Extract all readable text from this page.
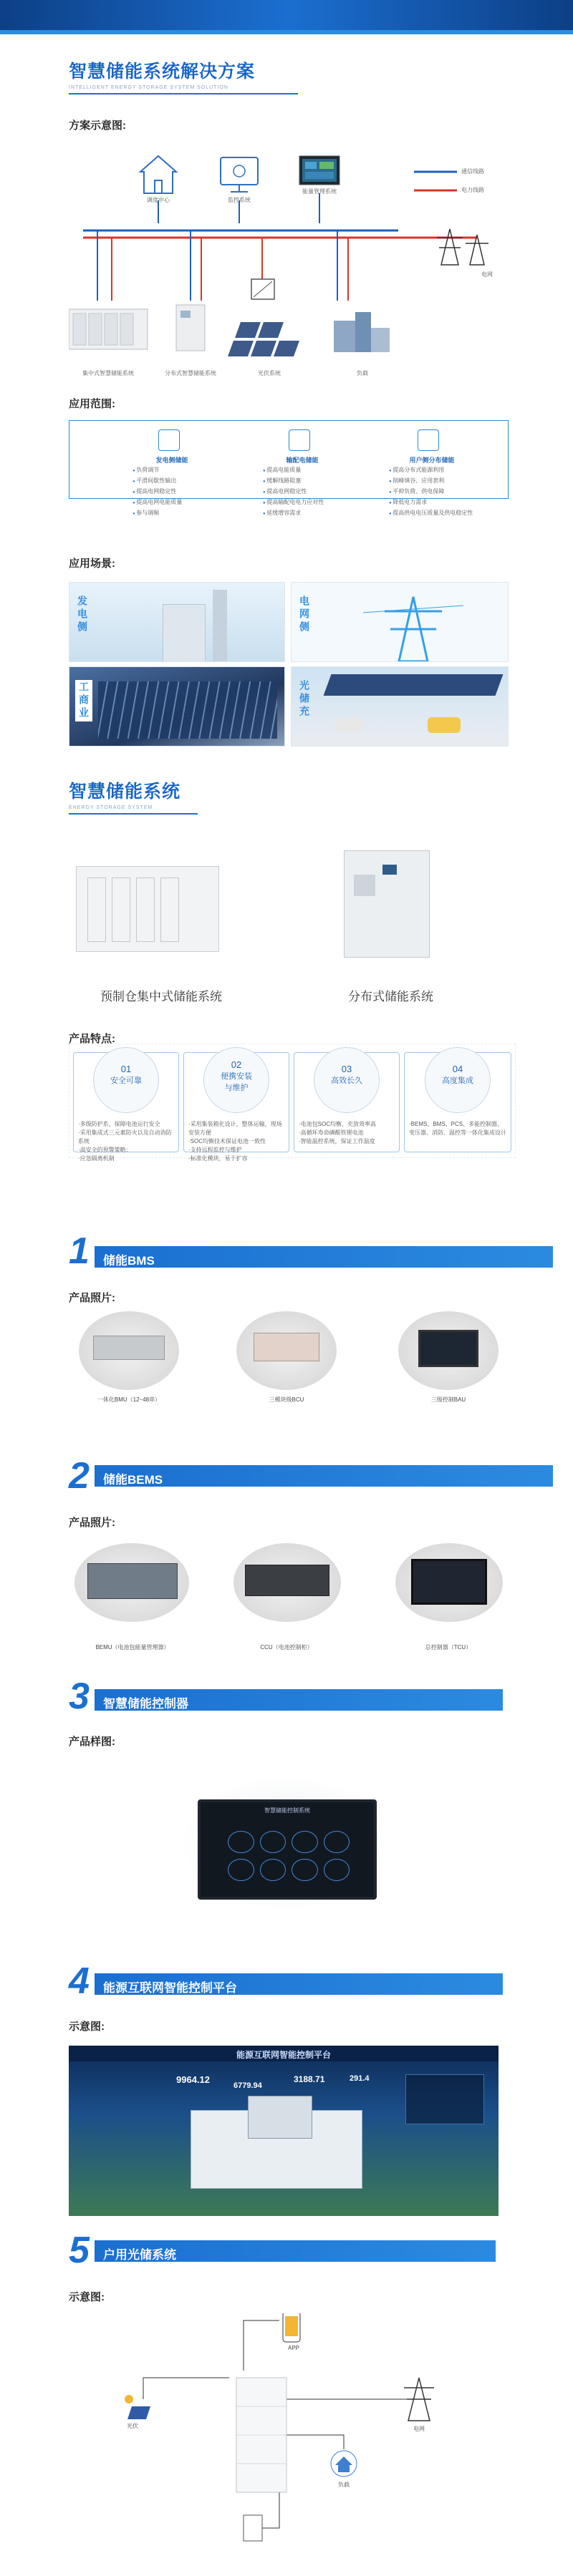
智慧储能系统解决方案
INTELLIGENT ENERGY STORAGE SYSTEM SOLUTION
方案示意图:
调度中心	监控系统
能量管理系统
通信线路
电力线路
电网
集中式智慧储能系统	分布式智慧储能系统	光伏系统	负载
应用范围:
发电侧储能
● 负荷调节
● 平滑间歇性输出
● 提高电网稳定性
● 提高电网电能质量
● 参与调频
输配电储能
● 提高电能质量
● 缓解线路阻塞
● 提高电网稳定性
● 提高输配电电力应对性
● 延缓增容需求
用户侧分布储能
● 提高分布式能源利用
● 削峰填谷、应用套利
● 平抑负荷、供电保障
● 降低电力需求
● 提高供电电压质量及供电稳定性
应用场景:
发电侧	电网侧
工商业	光储充
智慧储能系统
ENERGY STORAGE SYSTEM
预制仓集中式储能系统	分布式储能系统
产品特点:
01
安全可靠
·多级防护系，保障电池运行安全
·采用集成式三元素防火以及自动消防系统
·高安全的预警策略：
·应急隔离机制
02
便携安装
与维护
·采用集装箱化设计，整体运输，现场安装方便
·SOC均衡技术保证电池一致性
·支持远程监控与维护
·标准化模块，易于扩容
03
高效长久
·电池包SOC均衡，充放效率高
·高循环寿命磷酸铁锂电池
·智能温控系统，保证工作温度
04
高度集成
·BEMS、BMS、PCS、多能控制器、变压器、消防、温控等一体化集成设计
1	储能BMS
产品照片:
一体化BMU（12~48串）	三模块级BCU	三级控制BAU
2	储能BEMS
产品照片:
BEMU（电池包能量管理器）	CCU（电池控制柜）	总控制器（TCU）
3	智慧储能控制器
产品样图:
智慧储能控制系统
4	能源互联网智能控制平台
示意图:
能源互联网智能控制平台
9964.12
6779.94
3188.71	291.4
5	户用光储系统
示意图:
光伏
APP
电网
负载
